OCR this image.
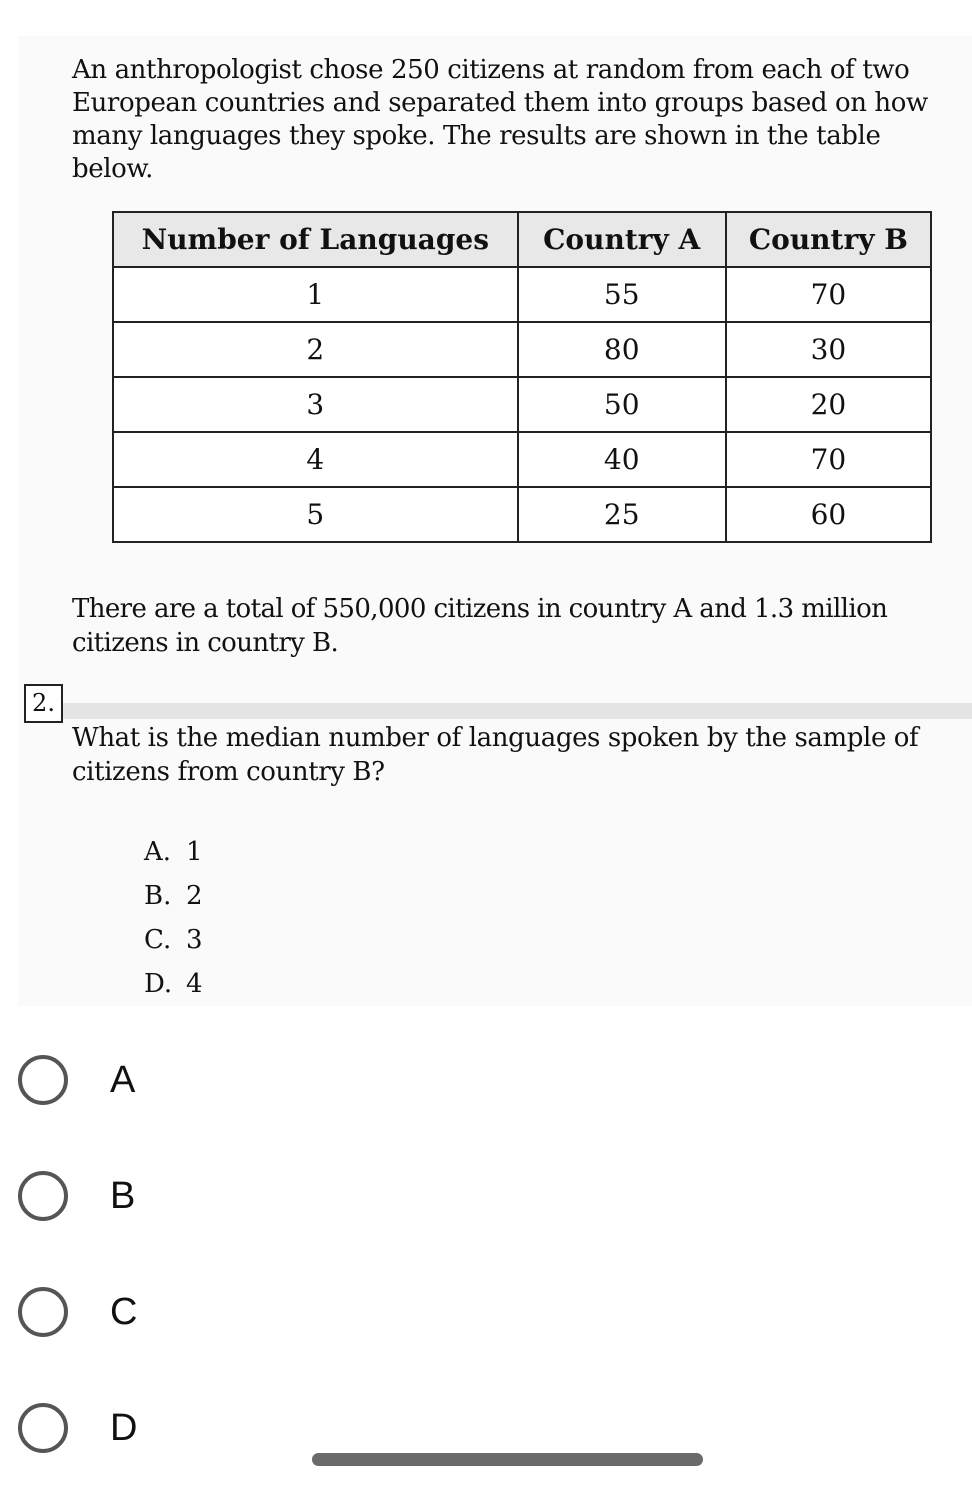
An anthropologist chose 250 citizens at random from each of two European countries and separated them into groups based on how many languages they spoke. The results are shown in the table below.
Number of Languages	Country A	Country B
1	55	70
2	80	30
3	50	20
4	40	70
5	25	60
There are a total of 550,000 citizens in country A and 1.3 million citizens in country B.
2.
What is the median number of languages spoken by the sample of citizens from country B?
A. 1
B. 2
C. 3
D. 4
A
B
C
D
